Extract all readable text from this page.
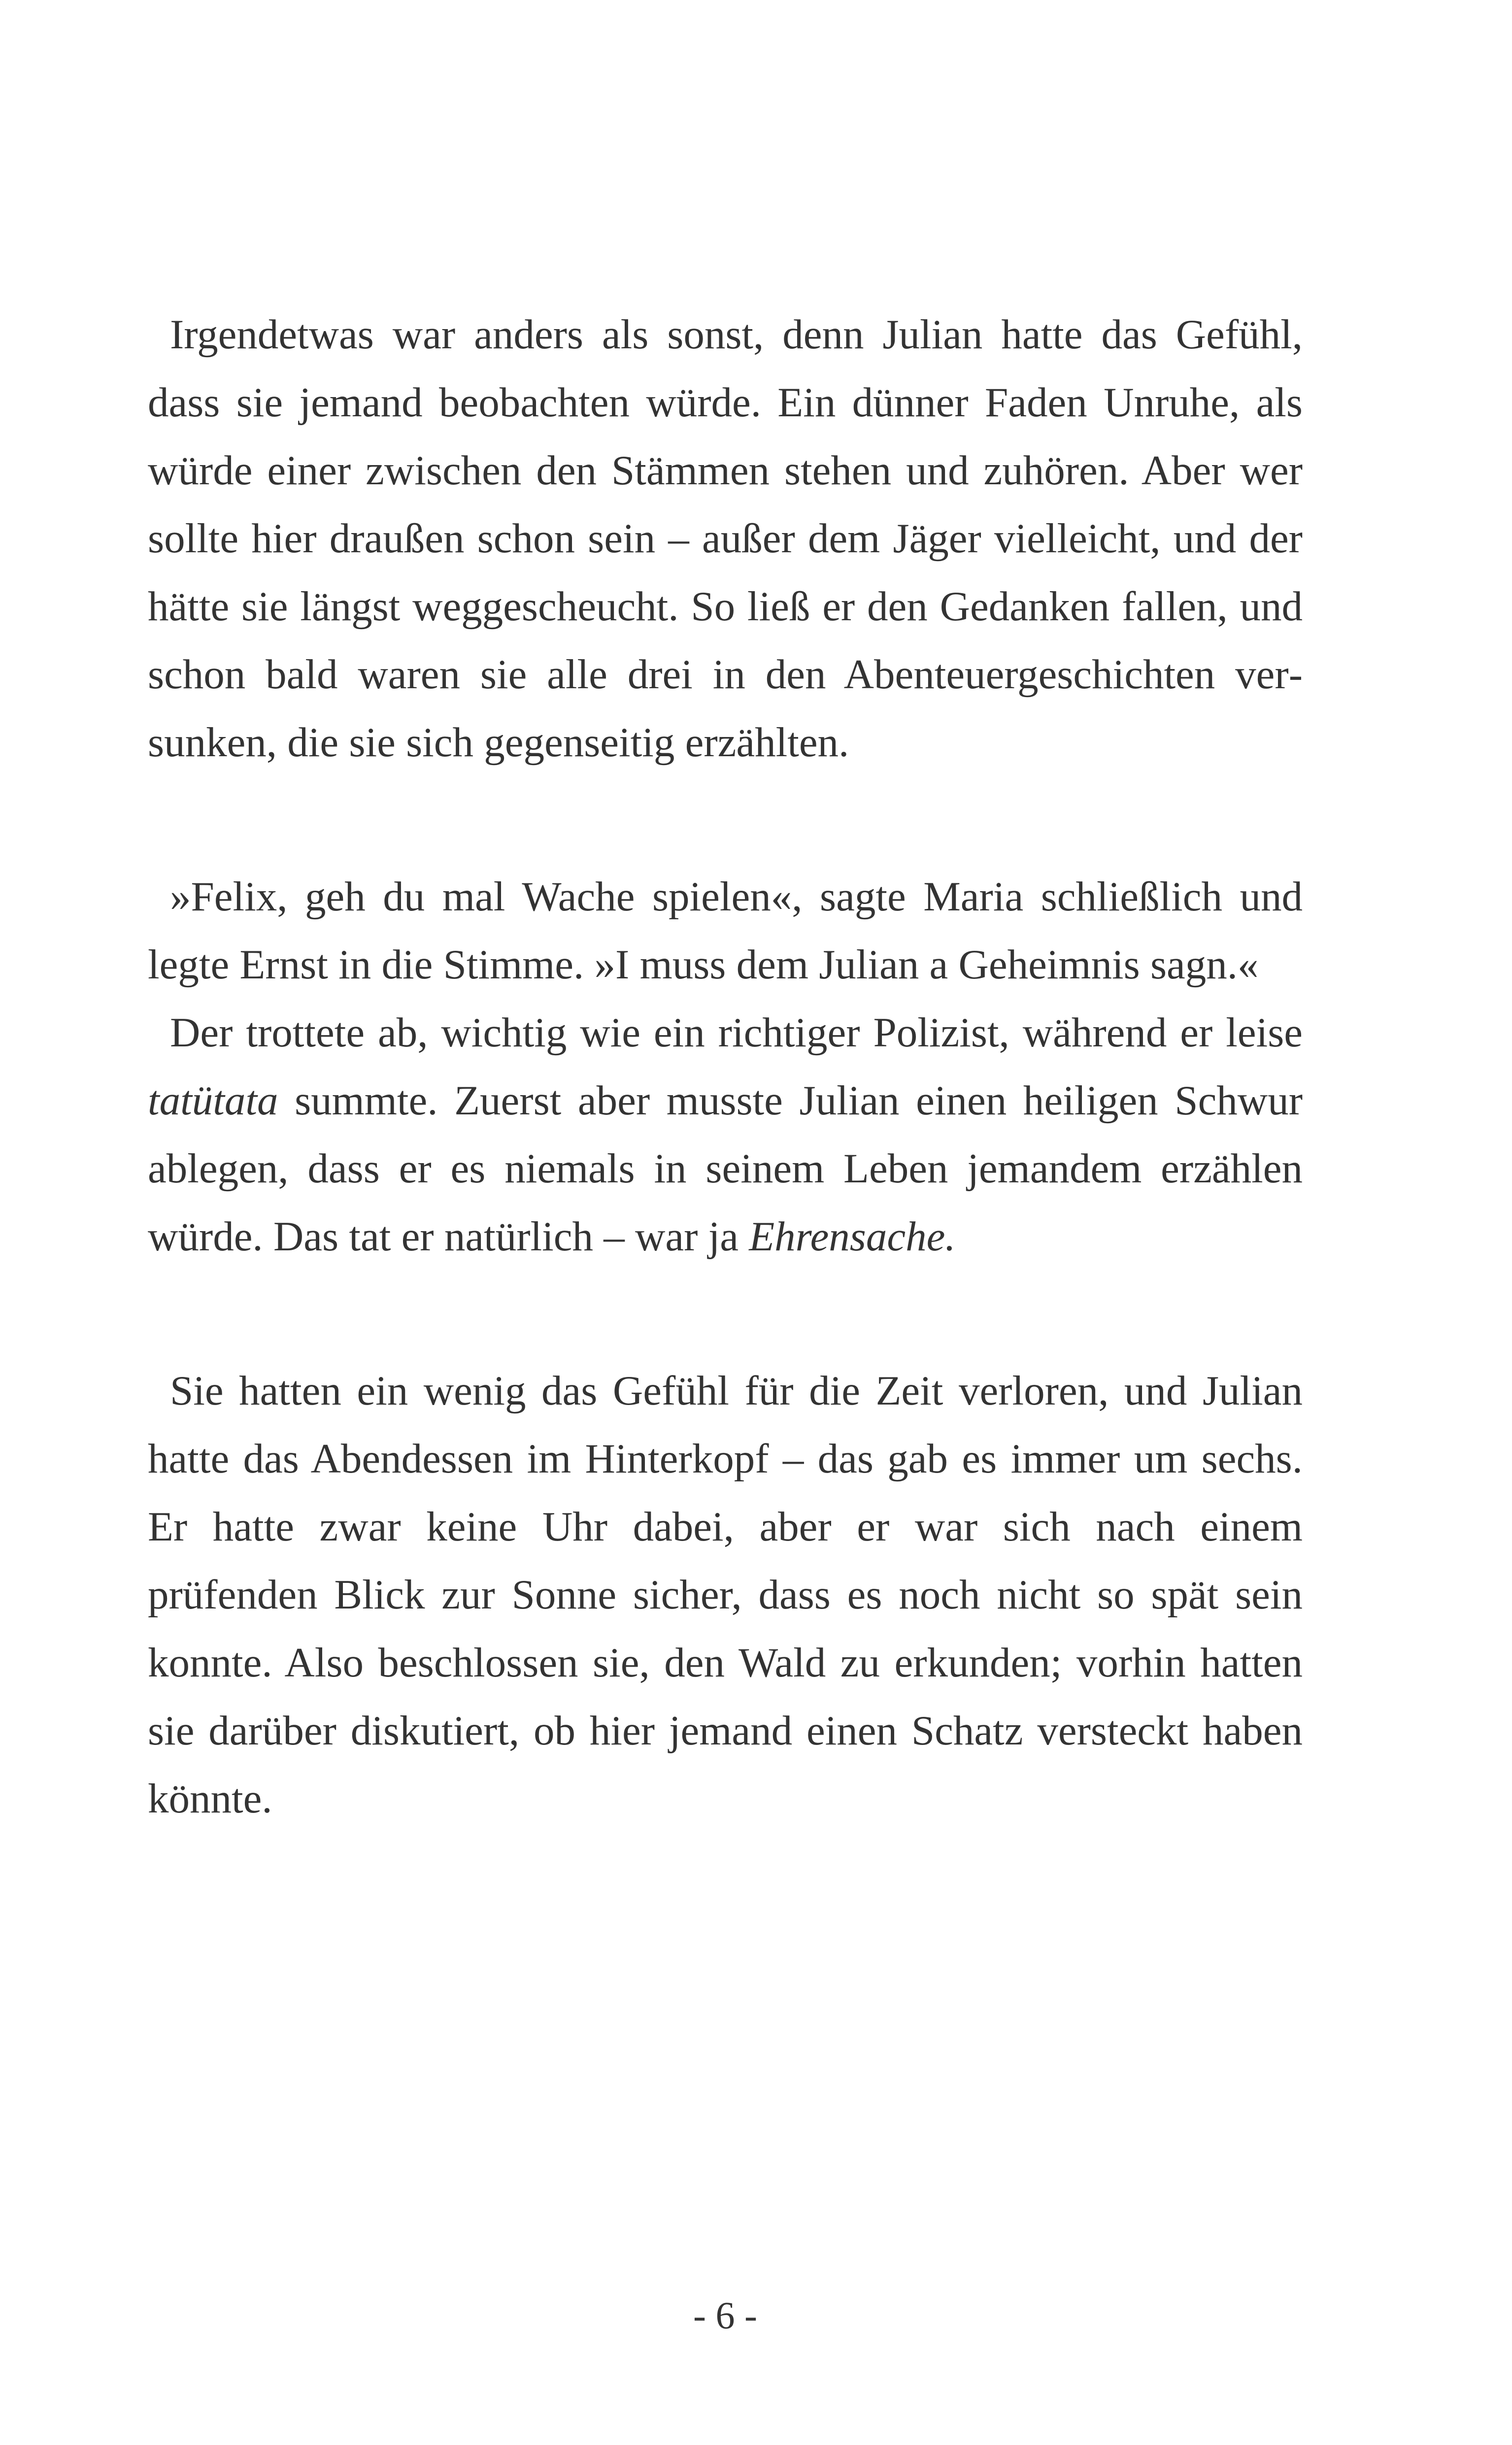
Irgendetwas war anders als sonst, denn Julian hatte das Gefühl, dass sie jemand beobachten würde. Ein dünner Faden Unruhe, als würde einer zwischen den Stämmen stehen und zuhören. Aber wer sollte hier draußen schon sein – außer dem Jäger vielleicht, und der hätte sie längst weggescheucht. So ließ er den Gedanken fallen, und schon bald waren sie alle drei in den Abenteuergeschichten versunken, die sie sich gegenseitig erzählten.

»Felix, geh du mal Wache spielen«, sagte Maria schließlich und legte Ernst in die Stimme. »I muss dem Julian a Geheimnis sagn.«

Der trottete ab, wichtig wie ein richtiger Polizist, während er leise tatütata summte. Zuerst aber musste Julian einen heiligen Schwur ablegen, dass er es niemals in seinem Leben jemandem erzählen würde. Das tat er natürlich – war ja Ehrensache.

Sie hatten ein wenig das Gefühl für die Zeit verloren, und Julian hatte das Abendessen im Hinterkopf – das gab es immer um sechs. Er hatte zwar keine Uhr dabei, aber er war sich nach einem prüfenden Blick zur Sonne sicher, dass es noch nicht so spät sein konnte. Also beschlossen sie, den Wald zu erkunden; vorhin hatten sie darüber diskutiert, ob hier jemand einen Schatz versteckt haben könnte.

- 6 -
